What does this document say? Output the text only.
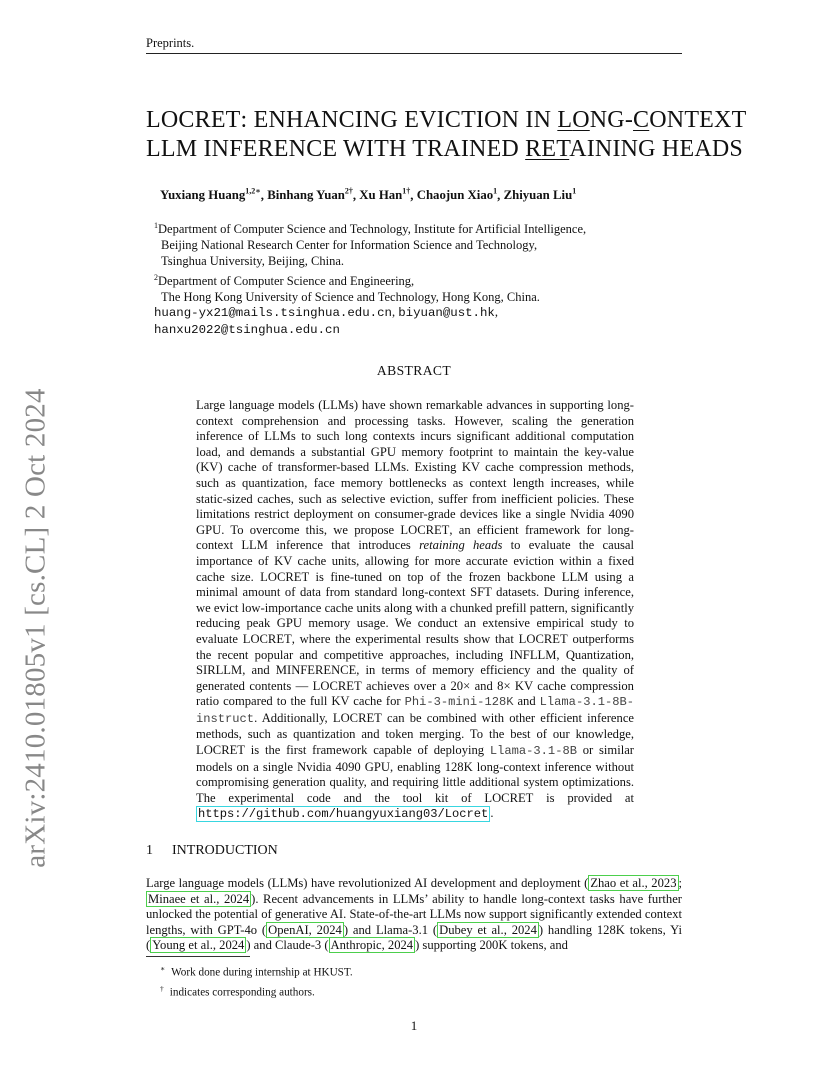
Preprints.
arXiv:2410.01805v1 [cs.CL] 2 Oct 2024
LOCRET: ENHANCING EVICTION IN LONG-CONTEXT
LLM INFERENCE WITH TRAINED RETAINING HEADS
Yuxiang Huang$^{1,2∗}$, Binhang Yuan$^{2\dagger}$, Xu Han$^{1\dagger}$, Chaojun Xiao$^1$, Zhiyuan Liu$^1$
$^1$Department of Computer Science and Technology, Institute for Artificial Intelligence,
Beijing National Research Center for Information Science and Technology,
Tsinghua University, Beijing, China.
$^2$Department of Computer Science and Engineering,
The Hong Kong University of Science and Technology, Hong Kong, China.
huang-yx21@mails.tsinghua.edu.cn, biyuan@ust.hk,
hanxu2022@tsinghua.edu.cn
ABSTRACT
Large language models (LLMs) have shown remarkable advances in supporting long-context comprehension and processing tasks. However, scaling the generation inference of LLMs to such long contexts incurs significant additional computation load, and demands a substantial GPU memory footprint to maintain the key-value (KV) cache of transformer-based LLMs. Existing KV cache compression methods, such as quantization, face memory bottlenecks as context length increases, while static-sized caches, such as selective eviction, suffer from inefficient policies. These limitations restrict deployment on consumer-grade devices like a single Nvidia 4090 GPU. To overcome this, we propose LOCRET, an efficient framework for long-context LLM inference that introduces retaining heads to evaluate the causal importance of KV cache units, allowing for more accurate eviction within a fixed cache size. LOCRET is fine-tuned on top of the frozen backbone LLM using a minimal amount of data from standard long-context SFT datasets. During inference, we evict low-importance cache units along with a chunked prefill pattern, significantly reducing peak GPU memory usage. We conduct an extensive empirical study to evaluate LOCRET, where the experimental results show that LOCRET outperforms the recent popular and competitive approaches, including INFLLM, Quantization, SIRLLM, and MINFERENCE, in terms of memory efficiency and the quality of generated contents — LOCRET achieves over a 20× and 8× KV cache compression ratio compared to the full KV cache for Phi-3-mini-128K and Llama-3.1-8B-instruct. Additionally, LOCRET can be combined with other efficient inference methods, such as quantization and token merging. To the best of our knowledge, LOCRET is the first framework capable of deploying Llama-3.1-8B or similar models on a single Nvidia 4090 GPU, enabling 128K long-context inference without compromising generation quality, and requiring little additional system optimizations. The experimental code and the tool kit of LOCRET is provided at https://github.com/huangyuxiang03/Locret .
1 INTRODUCTION
Large language models (LLMs) have revolutionized AI development and deployment ( Zhao et al., 2023 ; Minaee et al., 2024 ). Recent advancements in LLMs’ ability to handle long-context tasks have further unlocked the potential of generative AI. State-of-the-art LLMs now support significantly extended context lengths, with GPT-4o ( OpenAI, 2024 ) and Llama-3.1 ( Dubey et al., 2024 ) handling 128K tokens, Yi ( Young et al., 2024 ) and Claude-3 ( Anthropic, 2024 ) supporting 200K tokens, and
∗ Work done during internship at HKUST.
† indicates corresponding authors.
1
